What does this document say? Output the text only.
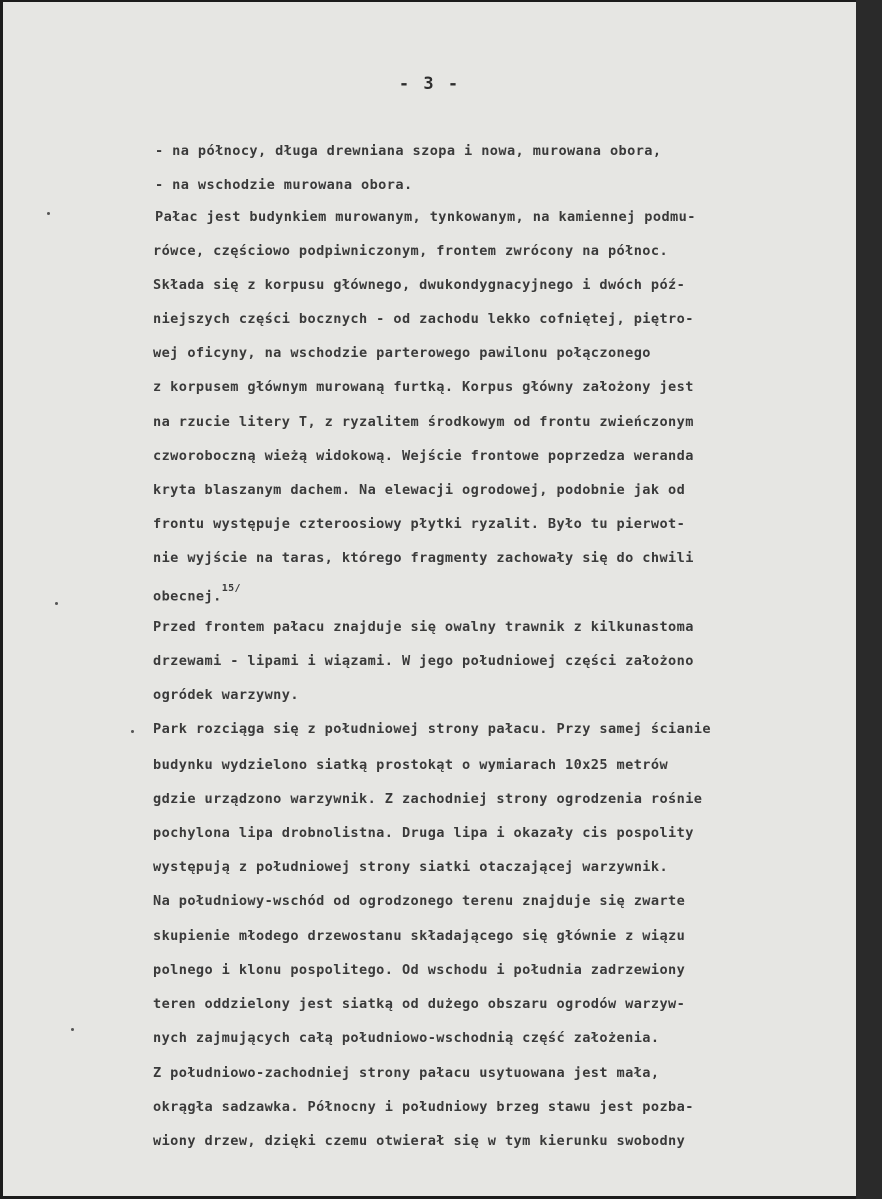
- 3 -
- na północy, długa drewniana szopa i nowa, murowana obora,
- na wschodzie murowana obora.
Pałac jest budynkiem murowanym, tynkowanym, na kamiennej podmu-
rówce, częściowo podpiwniczonym, frontem zwrócony na północ.
Składa się z korpusu głównego, dwukondygnacyjnego i dwóch póź-
niejszych części bocznych - od zachodu lekko cofniętej, piętro-
wej oficyny, na wschodzie parterowego pawilonu połączonego
z korpusem głównym murowaną furtką. Korpus główny założony jest
na rzucie litery T, z ryzalitem środkowym od frontu zwieńczonym
czworoboczną wieżą widokową. Wejście frontowe poprzedza weranda
kryta blaszanym dachem. Na elewacji ogrodowej, podobnie jak od
frontu występuje czteroosiowy płytki ryzalit. Było tu pierwot-
nie wyjście na taras, którego fragmenty zachowały się do chwili
obecnej.$^{15/}$
Przed frontem pałacu znajduje się owalny trawnik z kilkunastoma
drzewami - lipami i wiązami. W jego południowej części założono
ogródek warzywny.
Park rozciąga się z południowej strony pałacu. Przy samej ścianie
budynku wydzielono siatką prostokąt o wymiarach 10x25 metrów
gdzie urządzono warzywnik. Z zachodniej strony ogrodzenia rośnie
pochylona lipa drobnolistna. Druga lipa i okazały cis pospolity
występują z południowej strony siatki otaczającej warzywnik.
Na południowy-wschód od ogrodzonego terenu znajduje się zwarte
skupienie młodego drzewostanu składającego się głównie z wiązu
polnego i klonu pospolitego. Od wschodu i południa zadrzewiony
teren oddzielony jest siatką od dużego obszaru ogrodów warzyw-
nych zajmujących całą południowo-wschodnią część założenia.
Z południowo-zachodniej strony pałacu usytuowana jest mała,
okrągła sadzawka. Północny i południowy brzeg stawu jest pozba-
wiony drzew, dzięki czemu otwierał się w tym kierunku swobodny
